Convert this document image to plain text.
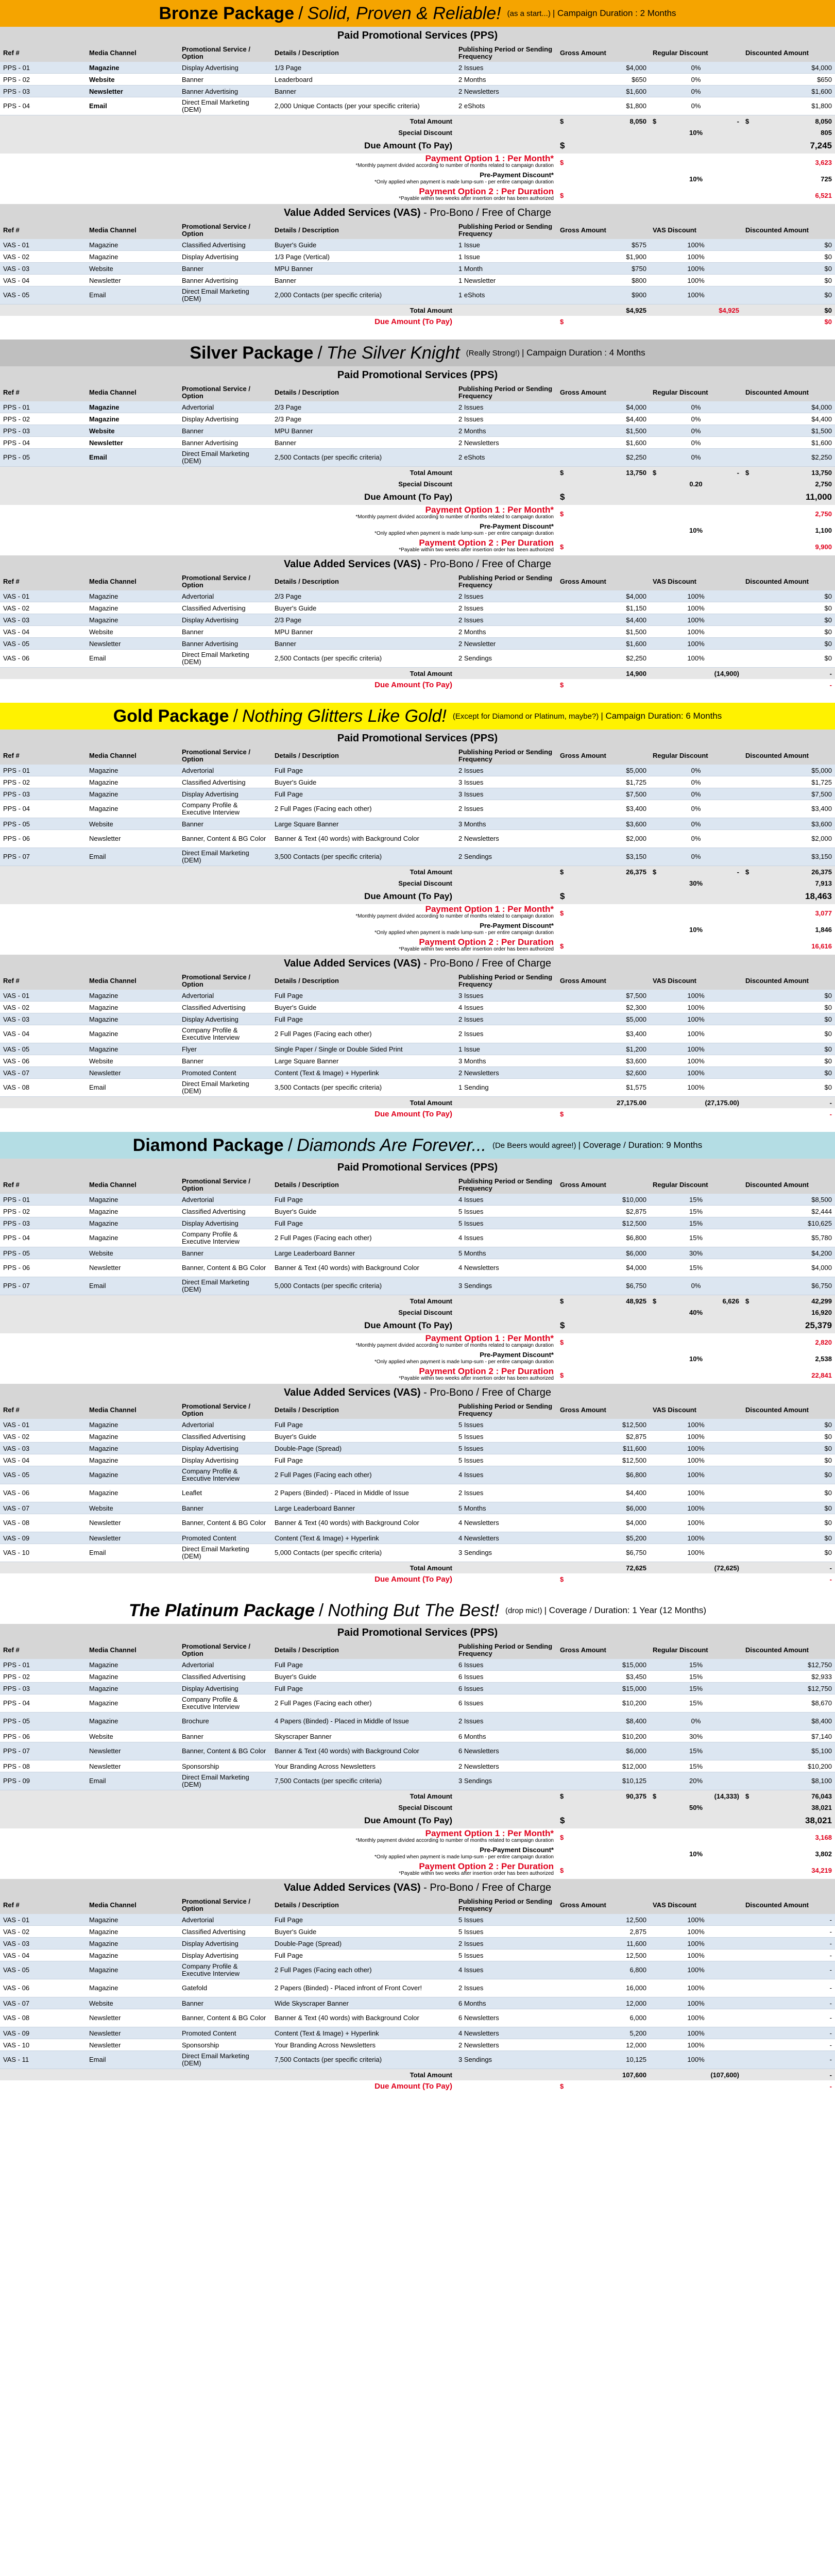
Bronze Package / Solid, Proven & Reliable! (as a start...) | Campaign Duration : 2 Months
Paid Promotional Services (PPS)
Ref #	Media Channel	Promotional Service / Option	Details / Description	Publishing Period or Sending Frequency	Gross Amount	Regular Discount	Discounted Amount
PPS - 01	Magazine	Display Advertising	1/3 Page	2 Issues	$4,000	0%	$4,000
PPS - 02	Website	Banner	Leaderboard	2 Months	$650	0%	$650
PPS - 03	Newsletter	Banner Advertising	Banner	2 Newsletters	$1,600	0%	$1,600
PPS - 04	Email	Direct Email Marketing (DEM)	2,000 Unique Contacts (per your specific criteria)	2 eShots	$1,800	0%	$1,800
			Total Amount		$ 8,050	$ -	$ 8,050
			Special Discount			10%	805
			Due Amount (To Pay)		$		7,245

			Payment Option 1 : Per Month*
*Monthly payment divided according to number of months related to campaign duration		$		3,623

			Pre-Payment Discount*
*Only applied when payment is made lump-sum - per entire campaign duration			10%	725

			Payment Option 2 : Per Duration
*Payable within two weeks after insertion order has been authorized		$		6,521
Value Added Services (VAS) - Pro-Bono / Free of Charge
Ref #	Media Channel	Promotional Service / Option	Details / Description	Publishing Period or Sending Frequency	Gross Amount	VAS Discount	Discounted Amount
VAS - 01	Magazine	Classified Advertising	Buyer's Guide	1 Issue	$575	100%	$0
VAS - 02	Magazine	Display Advertising	1/3 Page (Vertical)	1 Issue	$1,900	100%	$0
VAS - 03	Website	Banner	MPU Banner	1 Month	$750	100%	$0
VAS - 04	Newsletter	Banner Advertising	Banner	1 Newsletter	$800	100%	$0
VAS - 05	Email	Direct Email Marketing (DEM)	2,000 Contacts (per specific criteria)	1 eShots	$900	100%	$0
			Total Amount		$4,925	$4,925	$0
			Due Amount (To Pay)		$		$0
Silver Package / The Silver Knight (Really Strong!) | Campaign Duration : 4 Months
Paid Promotional Services (PPS)
Ref #	Media Channel	Promotional Service / Option	Details / Description	Publishing Period or Sending Frequency	Gross Amount	Regular Discount	Discounted Amount
PPS - 01	Magazine	Advertorial	2/3 Page	2 Issues	$4,000	0%	$4,000
PPS - 02	Magazine	Display Advertising	2/3 Page	2 Issues	$4,400	0%	$4,400
PPS - 03	Website	Banner	MPU Banner	2 Months	$1,500	0%	$1,500
PPS - 04	Newsletter	Banner Advertising	Banner	2 Newsletters	$1,600	0%	$1,600
PPS - 05	Email	Direct Email Marketing (DEM)	2,500 Contacts (per specific criteria)	2 eShots	$2,250	0%	$2,250
			Total Amount		$ 13,750	$ -	$ 13,750
			Special Discount			0.20	2,750
			Due Amount (To Pay)		$		11,000

			Payment Option 1 : Per Month*
*Monthly payment divided according to number of months related to campaign duration		$		2,750

			Pre-Payment Discount*
*Only applied when payment is made lump-sum - per entire campaign duration			10%	1,100

			Payment Option 2 : Per Duration
*Payable within two weeks after insertion order has been authorized		$		9,900
Value Added Services (VAS) - Pro-Bono / Free of Charge
Ref #	Media Channel	Promotional Service / Option	Details / Description	Publishing Period or Sending Frequency	Gross Amount	VAS Discount	Discounted Amount
VAS - 01	Magazine	Advertorial	2/3 Page	2 Issues	$4,000	100%	$0
VAS - 02	Magazine	Classified Advertising	Buyer's Guide	2 Issues	$1,150	100%	$0
VAS - 03	Magazine	Display Advertising	2/3 Page	2 Issues	$4,400	100%	$0
VAS - 04	Website	Banner	MPU Banner	2 Months	$1,500	100%	$0
VAS - 05	Newsletter	Banner Advertising	Banner	2 Newsletter	$1,600	100%	$0
VAS - 06	Email	Direct Email Marketing (DEM)	2,500 Contacts (per specific criteria)	2 Sendings	$2,250	100%	$0
			Total Amount		14,900	(14,900)	-
			Due Amount (To Pay)		$		-
Gold Package / Nothing Glitters Like Gold! (Except for Diamond or Platinum, maybe?) | Campaign Duration: 6 Months
Paid Promotional Services (PPS)
Ref #	Media Channel	Promotional Service / Option	Details / Description	Publishing Period or Sending Frequency	Gross Amount	Regular Discount	Discounted Amount
PPS - 01	Magazine	Advertorial	Full Page	2 Issues	$5,000	0%	$5,000
PPS - 02	Magazine	Classified Advertising	Buyer's Guide	3 Issues	$1,725	0%	$1,725
PPS - 03	Magazine	Display Advertising	Full Page	3 Issues	$7,500	0%	$7,500
PPS - 04	Magazine	Company Profile & Executive Interview	2 Full Pages (Facing each other)	2 Issues	$3,400	0%	$3,400
PPS - 05	Website	Banner	Large Square Banner	3 Months	$3,600	0%	$3,600
PPS - 06	Newsletter	Banner, Content & BG Color	Banner & Text (40 words) with Background Color	2 Newsletters	$2,000	0%	$2,000
PPS - 07	Email	Direct Email Marketing (DEM)	3,500 Contacts (per specific criteria)	2 Sendings	$3,150	0%	$3,150
			Total Amount		$ 26,375	$ -	$ 26,375
			Special Discount			30%	7,913
			Due Amount (To Pay)		$		18,463

			Payment Option 1 : Per Month*
*Monthly payment divided according to number of months related to campaign duration		$		3,077

			Pre-Payment Discount*
*Only applied when payment is made lump-sum - per entire campaign duration			10%	1,846

			Payment Option 2 : Per Duration
*Payable within two weeks after insertion order has been authorized		$		16,616
Value Added Services (VAS) - Pro-Bono / Free of Charge
Ref #	Media Channel	Promotional Service / Option	Details / Description	Publishing Period or Sending Frequency	Gross Amount	VAS Discount	Discounted Amount
VAS - 01	Magazine	Advertorial	Full Page	3 Issues	$7,500	100%	$0
VAS - 02	Magazine	Classified Advertising	Buyer's Guide	4 Issues	$2,300	100%	$0
VAS - 03	Magazine	Display Advertising	Full Page	2 Issues	$5,000	100%	$0
VAS - 04	Magazine	Company Profile & Executive Interview	2 Full Pages (Facing each other)	2 Issues	$3,400	100%	$0
VAS - 05	Magazine	Flyer	Single Paper / Single or Double Sided Print	1 Issue	$1,200	100%	$0
VAS - 06	Website	Banner	Large Square Banner	3 Months	$3,600	100%	$0
VAS - 07	Newsletter	Promoted Content	Content (Text & Image) + Hyperlink	2 Newsletters	$2,600	100%	$0
VAS - 08	Email	Direct Email Marketing (DEM)	3,500 Contacts (per specific criteria)	1 Sending	$1,575	100%	$0
			Total Amount		27,175.00	(27,175.00)	-
			Due Amount (To Pay)		$		-
Diamond Package / Diamonds Are Forever... (De Beers would agree!) | Coverage / Duration: 9 Months
Paid Promotional Services (PPS)
Ref #	Media Channel	Promotional Service / Option	Details / Description	Publishing Period or Sending Frequency	Gross Amount	Regular Discount	Discounted Amount
PPS - 01	Magazine	Advertorial	Full Page	4 Issues	$10,000	15%	$8,500
PPS - 02	Magazine	Classified Advertising	Buyer's Guide	5 Issues	$2,875	15%	$2,444
PPS - 03	Magazine	Display Advertising	Full Page	5 Issues	$12,500	15%	$10,625
PPS - 04	Magazine	Company Profile & Executive Interview	2 Full Pages (Facing each other)	4 Issues	$6,800	15%	$5,780
PPS - 05	Website	Banner	Large Leaderboard Banner	5 Months	$6,000	30%	$4,200
PPS - 06	Newsletter	Banner, Content & BG Color	Banner & Text (40 words) with Background Color	4 Newsletters	$4,000	15%	$4,000
PPS - 07	Email	Direct Email Marketing (DEM)	5,000 Contacts (per specific criteria)	3 Sendings	$6,750	0%	$6,750
			Total Amount		$ 48,925	$ 6,626	$ 42,299
			Special Discount			40%	16,920
			Due Amount (To Pay)		$		25,379

			Payment Option 1 : Per Month*
*Monthly payment divided according to number of months related to campaign duration		$		2,820

			Pre-Payment Discount*
*Only applied when payment is made lump-sum - per entire campaign duration			10%	2,538

			Payment Option 2 : Per Duration
*Payable within two weeks after insertion order has been authorized		$		22,841
Value Added Services (VAS) - Pro-Bono / Free of Charge
Ref #	Media Channel	Promotional Service / Option	Details / Description	Publishing Period or Sending Frequency	Gross Amount	VAS Discount	Discounted Amount
VAS - 01	Magazine	Advertorial	Full Page	5 Issues	$12,500	100%	$0
VAS - 02	Magazine	Classified Advertising	Buyer's Guide	5 Issues	$2,875	100%	$0
VAS - 03	Magazine	Display Advertising	Double-Page (Spread)	5 Issues	$11,600	100%	$0
VAS - 04	Magazine	Display Advertising	Full Page	5 Issues	$12,500	100%	$0
VAS - 05	Magazine	Company Profile & Executive Interview	2 Full Pages (Facing each other)	4 Issues	$6,800	100%	$0
VAS - 06	Magazine	Leaflet	2 Papers (Binded) - Placed in Middle of Issue	2 Issues	$4,400	100%	$0
VAS - 07	Website	Banner	Large Leaderboard Banner	5 Months	$6,000	100%	$0
VAS - 08	Newsletter	Banner, Content & BG Color	Banner & Text (40 words) with Background Color	4 Newsletters	$4,000	100%	$0
VAS - 09	Newsletter	Promoted Content	Content (Text & Image) + Hyperlink	4 Newsletters	$5,200	100%	$0
VAS - 10	Email	Direct Email Marketing (DEM)	5,000 Contacts (per specific criteria)	3 Sendings	$6,750	100%	$0
			Total Amount		72,625	(72,625)	-
			Due Amount (To Pay)		$		-
The Platinum Package / Nothing But The Best! (drop mic!) | Coverage / Duration: 1 Year (12 Months)
Paid Promotional Services (PPS)
Ref #	Media Channel	Promotional Service / Option	Details / Description	Publishing Period or Sending Frequency	Gross Amount	Regular Discount	Discounted Amount
PPS - 01	Magazine	Advertorial	Full Page	6 Issues	$15,000	15%	$12,750
PPS - 02	Magazine	Classified Advertising	Buyer's Guide	6 Issues	$3,450	15%	$2,933
PPS - 03	Magazine	Display Advertising	Full Page	6 Issues	$15,000	15%	$12,750
PPS - 04	Magazine	Company Profile & Executive Interview	2 Full Pages (Facing each other)	6 Issues	$10,200	15%	$8,670
PPS - 05	Magazine	Brochure	4 Papers (Binded) - Placed in Middle of Issue	2 Issues	$8,400	0%	$8,400
PPS - 06	Website	Banner	Skyscraper Banner	6 Months	$10,200	30%	$7,140
PPS - 07	Newsletter	Banner, Content & BG Color	Banner & Text (40 words) with Background Color	6 Newsletters	$6,000	15%	$5,100
PPS - 08	Newsletter	Sponsorship	Your Branding Across Newsletters	2 Newsletters	$12,000	15%	$10,200
PPS - 09	Email	Direct Email Marketing (DEM)	7,500 Contacts (per specific criteria)	3 Sendings	$10,125	20%	$8,100
			Total Amount		$ 90,375	$ (14,333)	$ 76,043
			Special Discount			50%	38,021
			Due Amount (To Pay)		$		38,021

			Payment Option 1 : Per Month*
*Monthly payment divided according to number of months related to campaign duration		$		3,168

			Pre-Payment Discount*
*Only applied when payment is made lump-sum - per entire campaign duration			10%	3,802

			Payment Option 2 : Per Duration
*Payable within two weeks after insertion order has been authorized		$		34,219
Value Added Services (VAS) - Pro-Bono / Free of Charge
Ref #	Media Channel	Promotional Service / Option	Details / Description	Publishing Period or Sending Frequency	Gross Amount	VAS Discount	Discounted Amount
VAS - 01	Magazine	Advertorial	Full Page	5 Issues	12,500	100%	-
VAS - 02	Magazine	Classified Advertising	Buyer's Guide	5 Issues	2,875	100%	-
VAS - 03	Magazine	Display Advertising	Double-Page (Spread)	2 Issues	11,600	100%	-
VAS - 04	Magazine	Display Advertising	Full Page	5 Issues	12,500	100%	-
VAS - 05	Magazine	Company Profile & Executive Interview	2 Full Pages (Facing each other)	4 Issues	6,800	100%	-
VAS - 06	Magazine	Gatefold	2 Papers (Binded) - Placed infront of Front Cover!	2 Issues	16,000	100%	-
VAS - 07	Website	Banner	Wide Skyscraper Banner	6 Months	12,000	100%	-
VAS - 08	Newsletter	Banner, Content & BG Color	Banner & Text (40 words) with Background Color	6 Newsletters	6,000	100%	-
VAS - 09	Newsletter	Promoted Content	Content (Text & Image) + Hyperlink	4 Newsletters	5,200	100%	-
VAS - 10	Newsletter	Sponsorship	Your Branding Across Newsletters	2 Newsletters	12,000	100%	-
VAS - 11	Email	Direct Email Marketing (DEM)	7,500 Contacts (per specific criteria)	3 Sendings	10,125	100%	-
			Total Amount		107,600	(107,600)	-
			Due Amount (To Pay)		$		-
